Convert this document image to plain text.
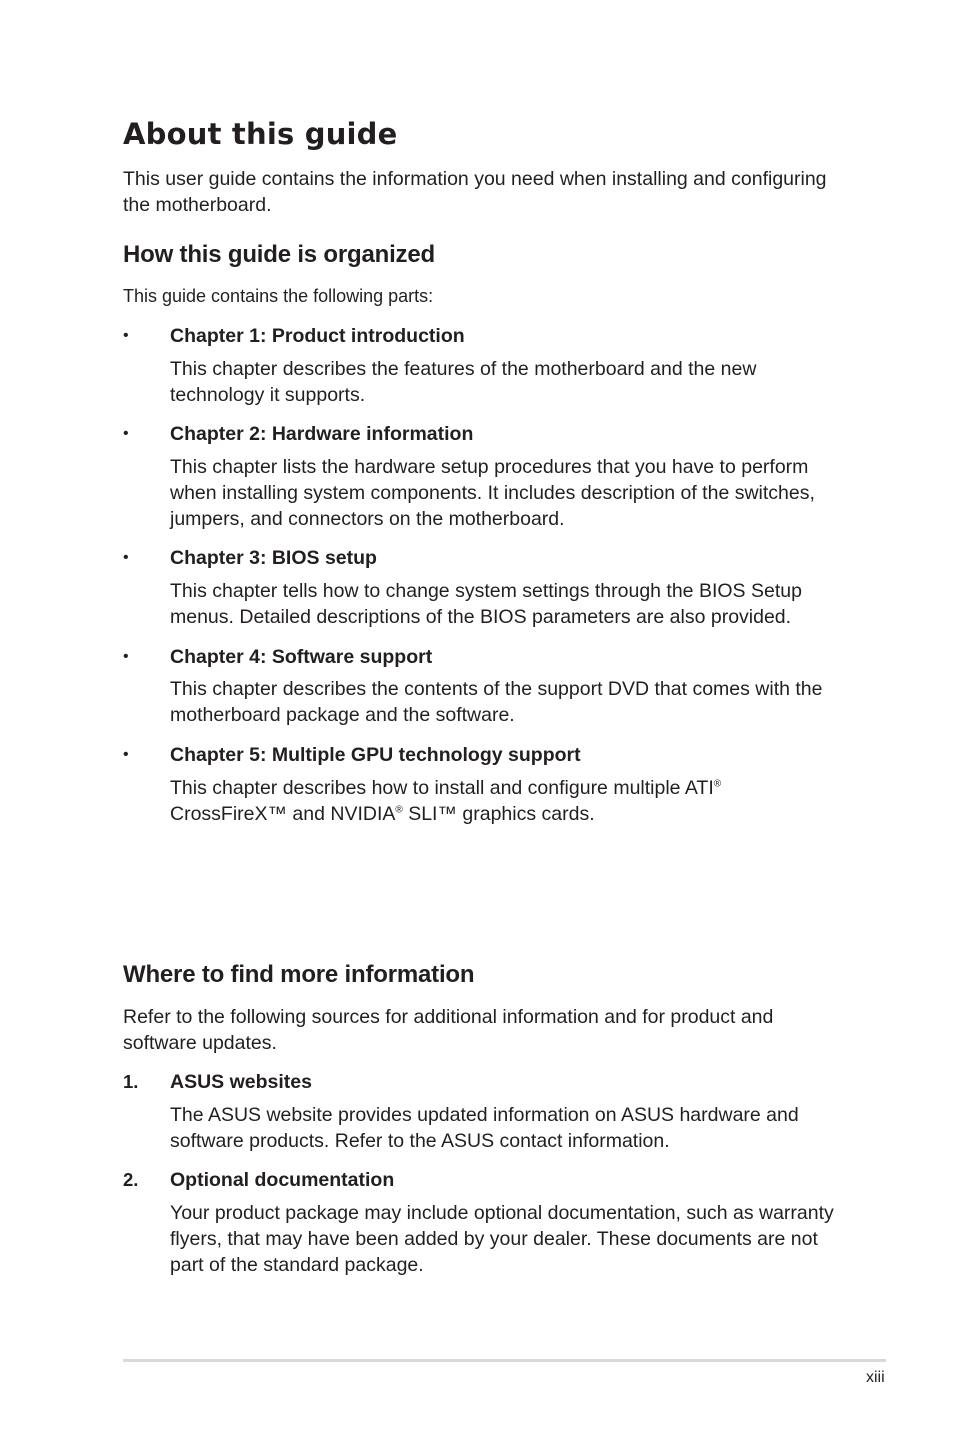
About this guide

This user guide contains the information you need when installing and configuring the motherboard.

How this guide is organized

This guide contains the following parts:

• Chapter 1: Product introduction

This chapter describes the features of the motherboard and the new technology it supports.

• Chapter 2: Hardware information

This chapter lists the hardware setup procedures that you have to perform when installing system components. It includes description of the switches, jumpers, and connectors on the motherboard.

• Chapter 3: BIOS setup

This chapter tells how to change system settings through the BIOS Setup menus. Detailed descriptions of the BIOS parameters are also provided.

• Chapter 4: Software support

This chapter describes the contents of the support DVD that comes with the motherboard package and the software.

• Chapter 5: Multiple GPU technology support

This chapter describes how to install and configure multiple ATI®
CrossFireX™ and NVIDIA® SLI™ graphics cards.

Where to find more information

Refer to the following sources for additional information and for product and software updates.

1. ASUS websites

The ASUS website provides updated information on ASUS hardware and software products. Refer to the ASUS contact information.

2. Optional documentation

Your product package may include optional documentation, such as warranty flyers, that may have been added by your dealer. These documents are not part of the standard package.

xiii
